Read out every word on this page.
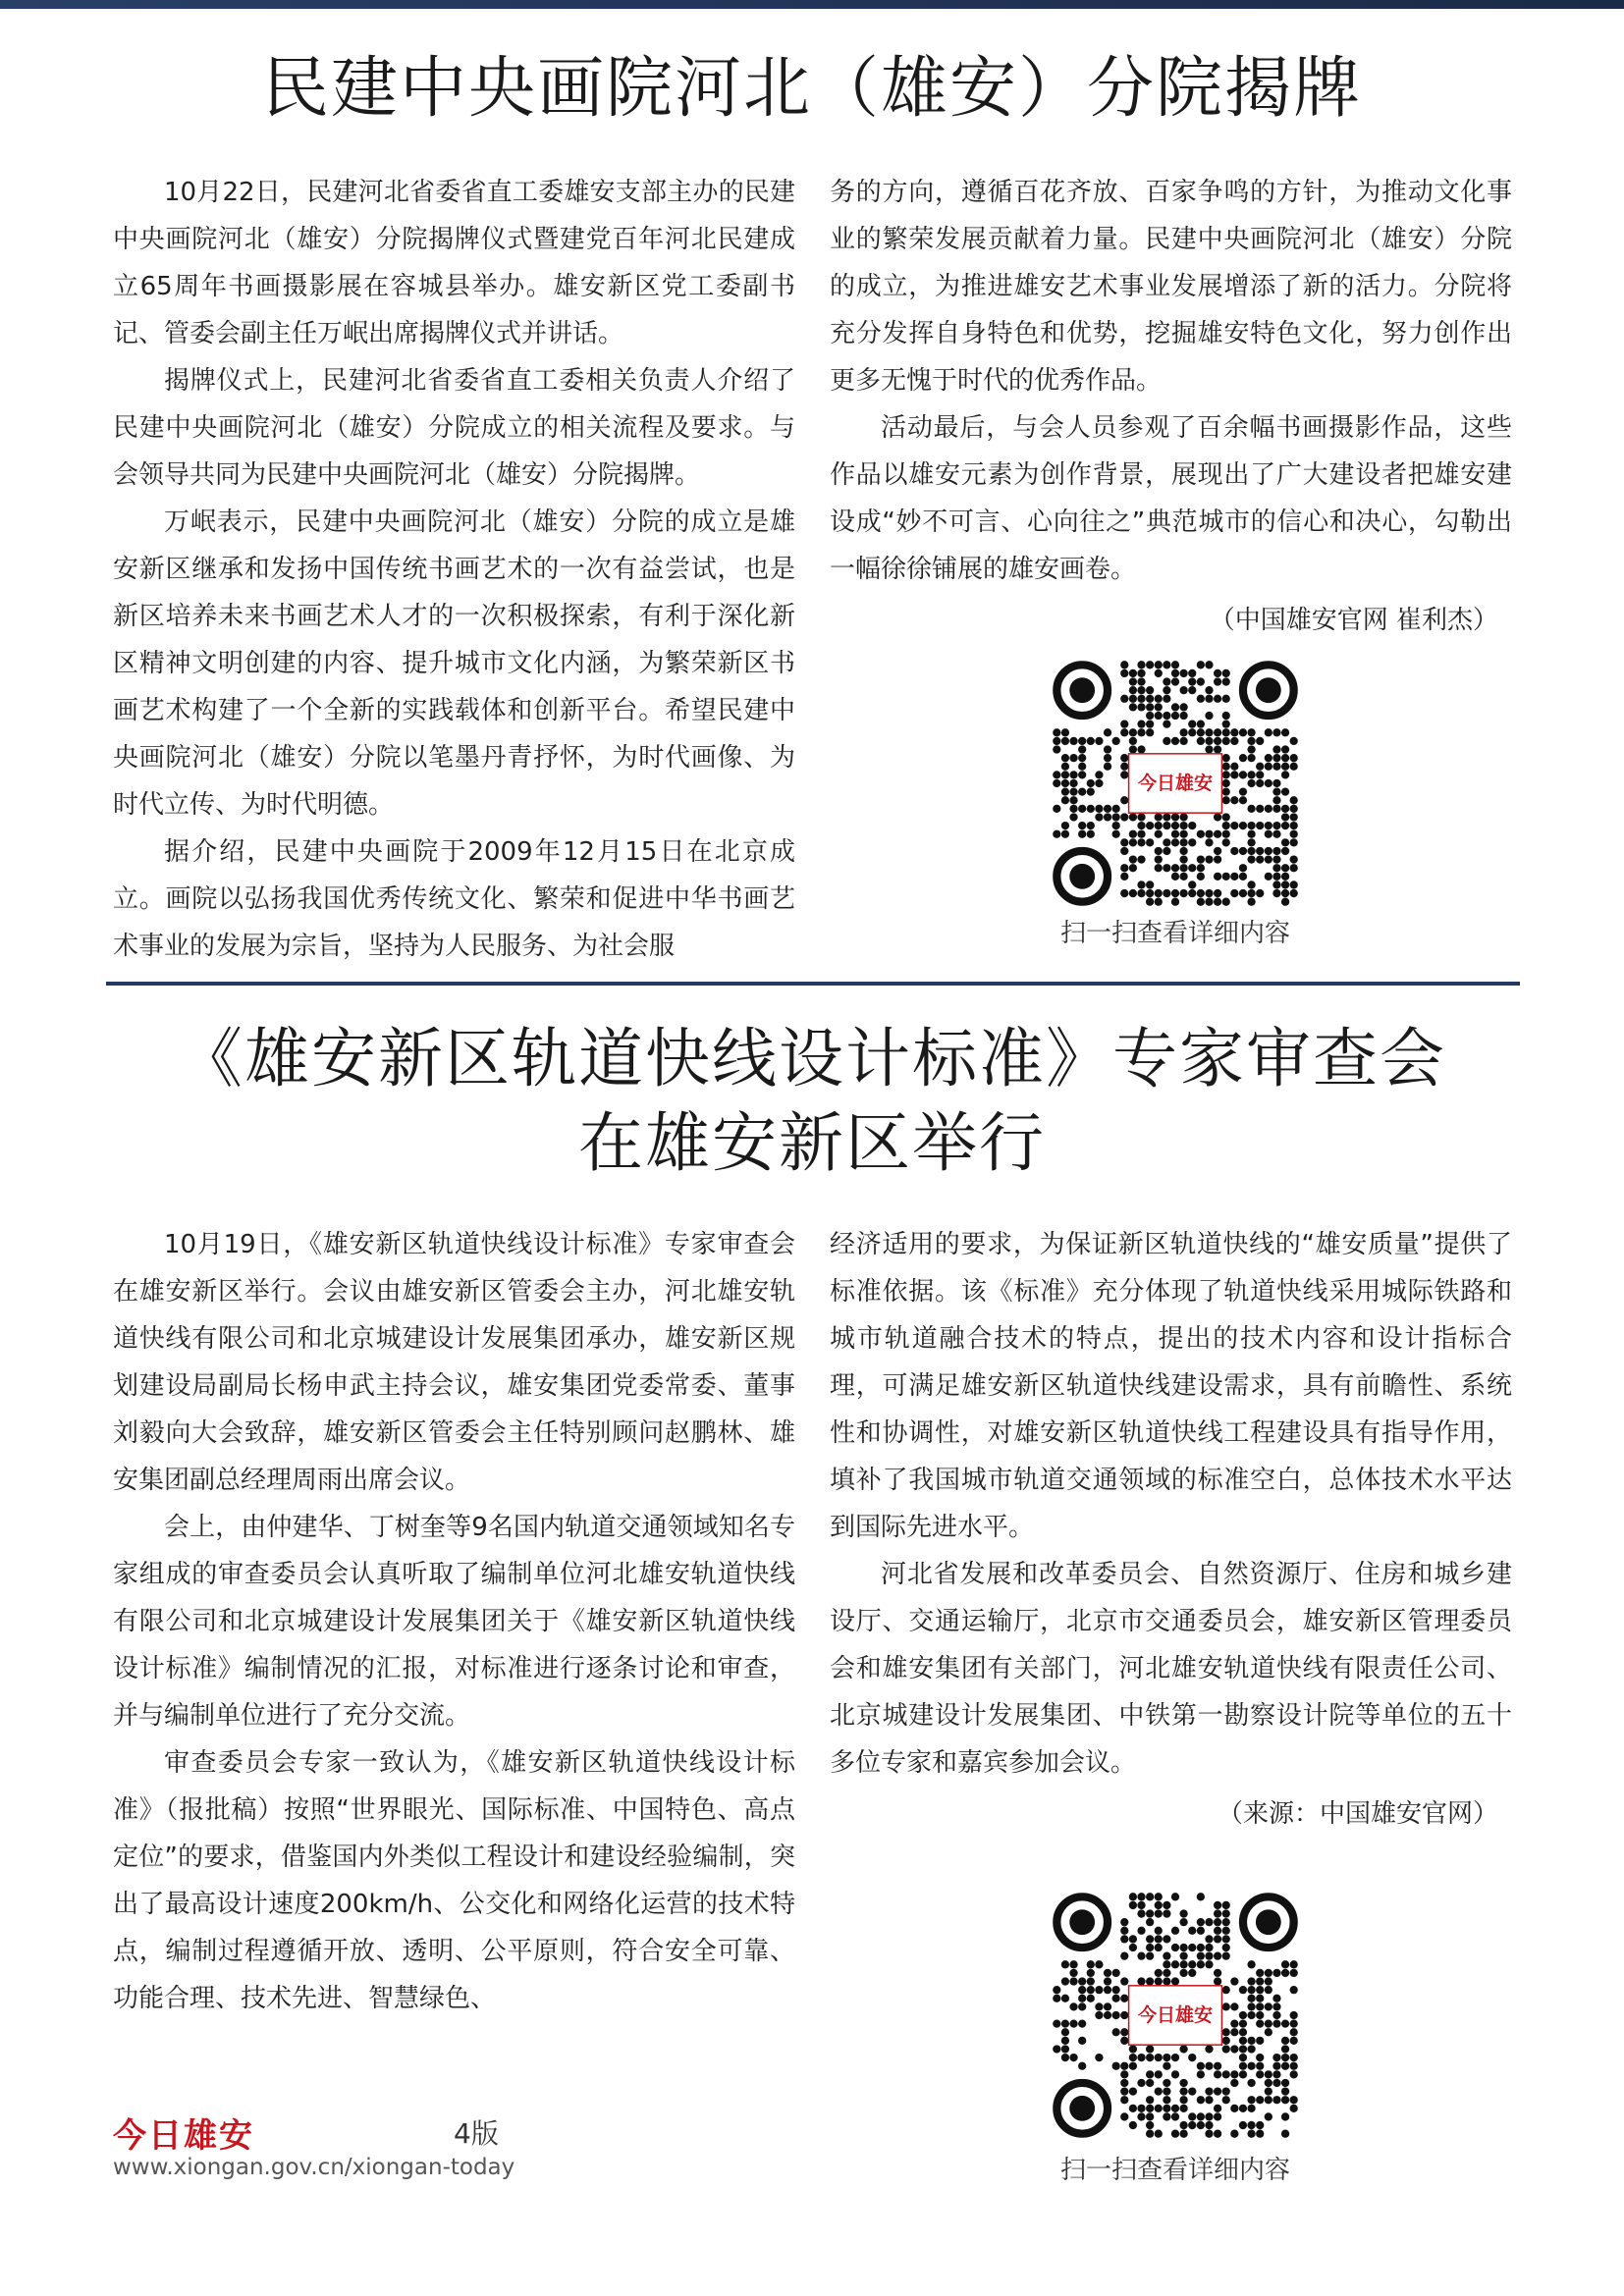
民建中央画院河北（雄安）分院揭牌

10月22日，民建河北省委省直工委雄安支部主办的民建中央画院河北（雄安）分院揭牌仪式暨建党百年河北民建成立65周年书画摄影展在容城县举办。雄安新区党工委副书记、管委会副主任万岷出席揭牌仪式并讲话。

揭牌仪式上，民建河北省委省直工委相关负责人介绍了民建中央画院河北（雄安）分院成立的相关流程及要求。与会领导共同为民建中央画院河北（雄安）分院揭牌。

万岷表示，民建中央画院河北（雄安）分院的成立是雄安新区继承和发扬中国传统书画艺术的一次有益尝试，也是新区培养未来书画艺术人才的一次积极探索，有利于深化新区精神文明创建的内容、提升城市文化内涵，为繁荣新区书画艺术构建了一个全新的实践载体和创新平台。希望民建中央画院河北（雄安）分院以笔墨丹青抒怀，为时代画像、为时代立传、为时代明德。

据介绍，民建中央画院于2009年12月15日在北京成立。画院以弘扬我国优秀传统文化、繁荣和促进中华书画艺术事业的发展为宗旨，坚持为人民服务、为社会服

务的方向，遵循百花齐放、百家争鸣的方针，为推动文化事业的繁荣发展贡献着力量。民建中央画院河北（雄安）分院的成立，为推进雄安艺术事业发展增添了新的活力。分院将充分发挥自身特色和优势，挖掘雄安特色文化，努力创作出更多无愧于时代的优秀作品。

活动最后，与会人员参观了百余幅书画摄影作品，这些作品以雄安元素为创作背景，展现出了广大建设者把雄安建设成“妙不可言、心向往之”典范城市的信心和决心，勾勒出一幅徐徐铺展的雄安画卷。

（中国雄安官网 崔利杰）

今日雄安
扫一扫查看详细内容
《雄安新区轨道快线设计标准》专家审查会
在雄安新区举行

10月19日，《雄安新区轨道快线设计标准》专家审查会在雄安新区举行。会议由雄安新区管委会主办，河北雄安轨道快线有限公司和北京城建设计发展集团承办，雄安新区规划建设局副局长杨申武主持会议，雄安集团党委常委、董事刘毅向大会致辞，雄安新区管委会主任特别顾问赵鹏林、雄安集团副总经理周雨出席会议。

会上，由仲建华、丁树奎等9名国内轨道交通领域知名专家组成的审查委员会认真听取了编制单位河北雄安轨道快线有限公司和北京城建设计发展集团关于《雄安新区轨道快线设计标准》编制情况的汇报，对标准进行逐条讨论和审查，并与编制单位进行了充分交流。

审查委员会专家一致认为，《雄安新区轨道快线设计标准》（报批稿）按照“世界眼光、国际标准、中国特色、高点定位”的要求，借鉴国内外类似工程设计和建设经验编制，突出了最高设计速度200km/h、公交化和网络化运营的技术特点，编制过程遵循开放、透明、公平原则，符合安全可靠、功能合理、技术先进、智慧绿色、

经济适用的要求，为保证新区轨道快线的“雄安质量”提供了标准依据。该《标准》充分体现了轨道快线采用城际铁路和城市轨道融合技术的特点，提出的技术内容和设计指标合理，可满足雄安新区轨道快线建设需求，具有前瞻性、系统性和协调性，对雄安新区轨道快线工程建设具有指导作用，填补了我国城市轨道交通领域的标准空白，总体技术水平达到国际先进水平。

河北省发展和改革委员会、自然资源厅、住房和城乡建设厅、交通运输厅，北京市交通委员会，雄安新区管理委员会和雄安集团有关部门，河北雄安轨道快线有限责任公司、北京城建设计发展集团、中铁第一勘察设计院等单位的五十多位专家和嘉宾参加会议。

（来源：中国雄安官网）

今日雄安
扫一扫查看详细内容
今日雄安	4版
www.xiongan.gov.cn/xiongan-today
